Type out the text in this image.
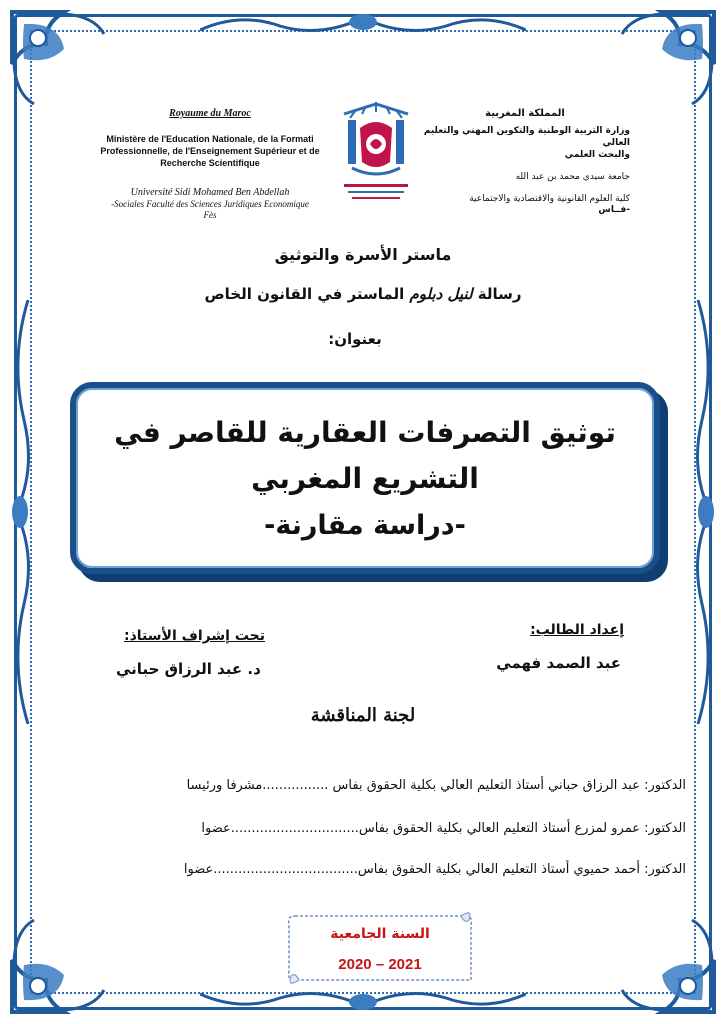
Royaume du Maroc
Ministère de l'Education Nationale, de la Formati
Professionnelle, de l'Enseignement Supérieur et de
Recherche Scientifique
Université Sidi Mohamed Ben Abdellah
-Sociales Faculté des Sciences Juridiques Economique
Fès
المملكة المغربية
وزارة التربية الوطنية والتكوين المهني والتعليم العالي
والبحث العلمي
جامعة سيدي محمد بن عبد الله
كلية العلوم القانونية والاقتصادية والاجتماعية
-فــاس
ماستر الأسرة والتوثيق
رسالة لنيل دبلوم الماستر في القانون الخاص
بعنوان:
توثيق التصرفات العقارية للقاصر في التشريع المغربي
-دراسة مقارنة-
إعداد الطالب:
عبد الصمد فهمي
تحت إشراف الأستاذ:
د. عبد الرزاق حباني
لجنة المناقشة
الدكتور: عبد الرزاق حباني أستاذ التعليم العالي بكلية الحقوق بفاس ................مشرفا ورئيسا
الدكتور: عمرو لمزرع أستاذ التعليم العالي بكلية الحقوق بفاس...............................عضوا
الدكتور: أحمد حميوي أستاذ التعليم العالي بكلية الحقوق بفاس...................................عضوا
السنة الجامعية
2020 – 2021
